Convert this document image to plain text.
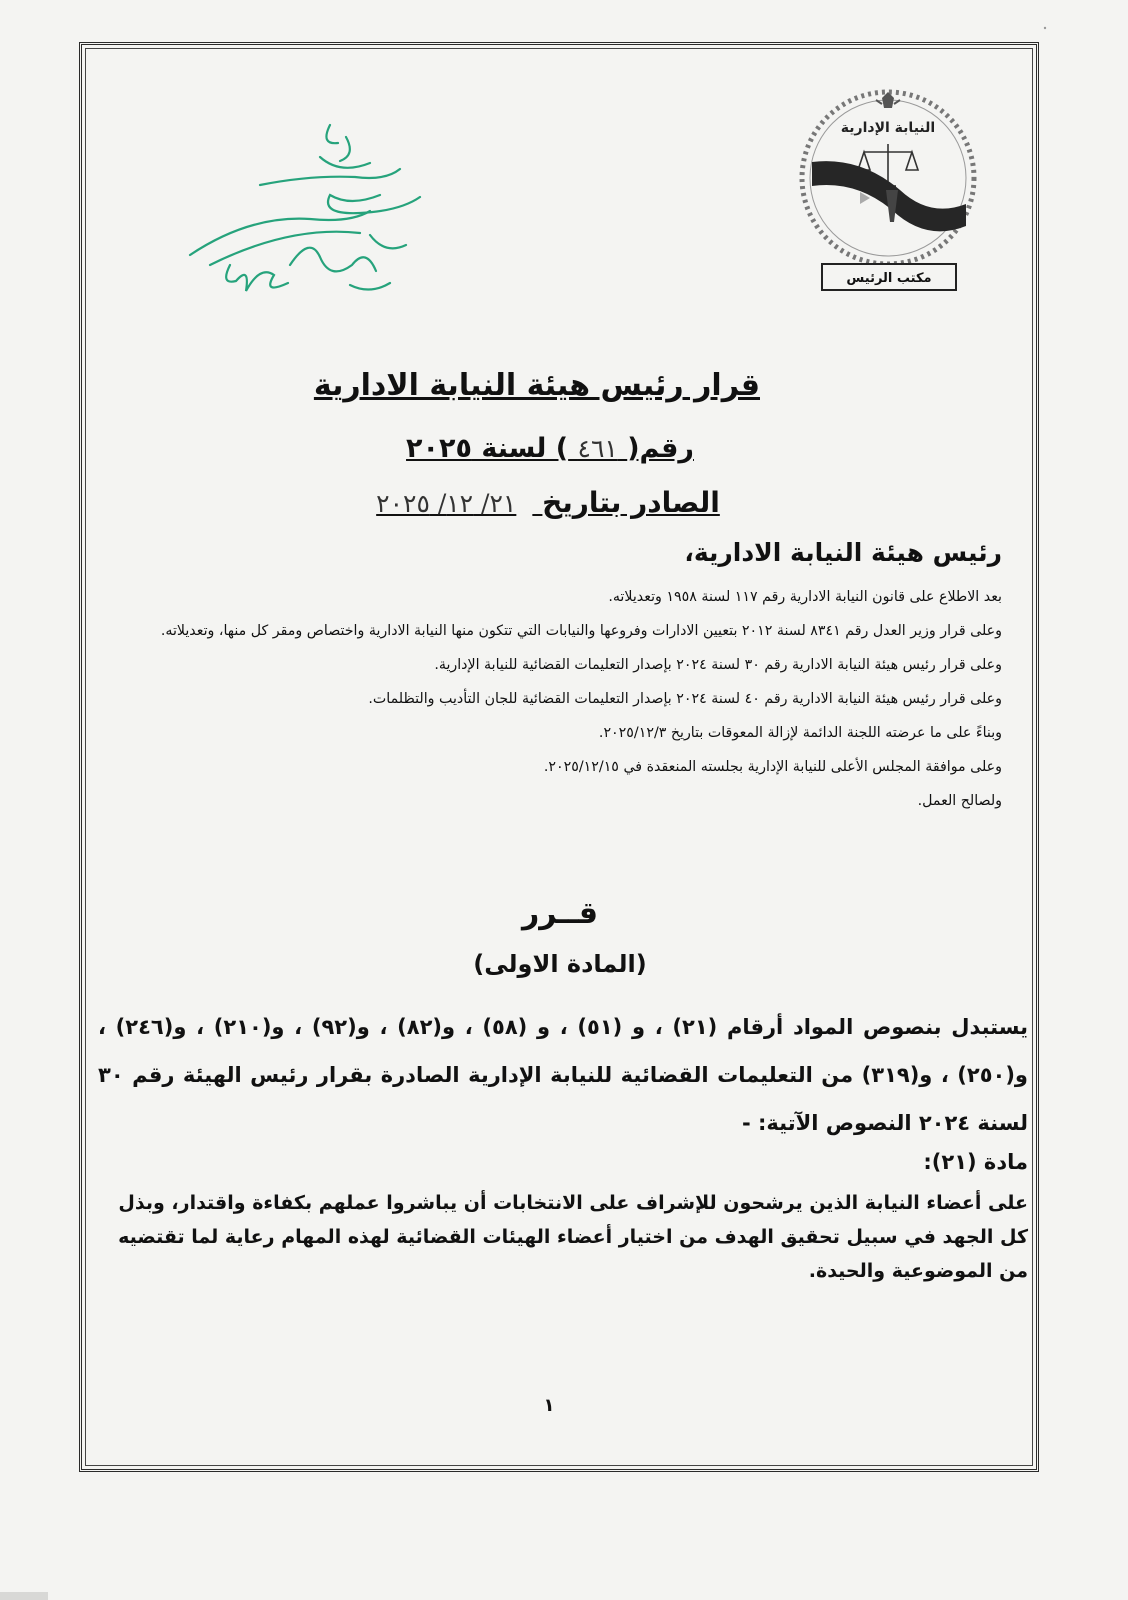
النيابة الإدارية
مكتب الرئيس
قرار رئيس هيئة النيابة الادارية
رقم( ٤٦١ ) لسنة ٢٠٢٥
الصادر بتاريخ ٢١/ ١٢/ ٢٠٢٥
رئيس هيئة النيابة الادارية،

بعد الاطلاع على قانون النيابة الادارية رقم ١١٧ لسنة ١٩٥٨ وتعديلاته.

وعلى قرار وزير العدل رقم ٨٣٤١ لسنة ٢٠١٢ بتعيين الادارات وفروعها والنيابات التي تتكون منها النيابة الادارية واختصاص ومقر كل منها، وتعديلاته.

وعلى قرار رئيس هيئة النيابة الادارية رقم ٣٠ لسنة ٢٠٢٤ بإصدار التعليمات القضائية للنيابة الإدارية.

وعلى قرار رئيس هيئة النيابة الادارية رقم ٤٠ لسنة ٢٠٢٤ بإصدار التعليمات القضائية للجان التأديب والتظلمات.

وبناءً على ما عرضته اللجنة الدائمة لإزالة المعوقات بتاريخ ٢٠٢٥/١٢/٣.

وعلى موافقة المجلس الأعلى للنيابة الإدارية بجلسته المنعقدة في ٢٠٢٥/١٢/١٥.

ولصالح العمل.

قــرر
(المادة الاولى)

يستبدل بنصوص المواد أرقام (٢١) ، و (٥١) ، و (٥٨) ، و(٨٢) ، و(٩٢) ، و(٢١٠) ، و(٢٤٦) ، و(٢٥٠) ، و(٣١٩) من التعليمات القضائية للنيابة الإدارية الصادرة بقرار رئيس الهيئة رقم ٣٠ لسنة ٢٠٢٤ النصوص الآتية: -

مادة (٢١):

على أعضاء النيابة الذين يرشحون للإشراف على الانتخابات أن يباشروا عملهم بكفاءة واقتدار، وبذل كل الجهد في سبيل تحقيق الهدف من اختيار أعضاء الهيئات القضائية لهذه المهام رعاية لما تقتضيه من الموضوعية والحيدة.

١
